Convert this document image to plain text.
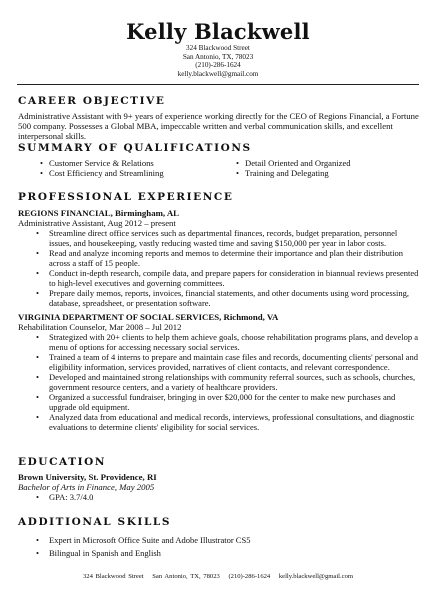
Kelly Blackwell
324 Blackwood Street
San Antonio, TX, 78023
(210)-286-1624
kelly.blackwell@gmail.com
CAREER OBJECTIVE

Administrative Assistant with 9+ years of experience working directly for the CEO of Regions Financial, a Fortune 500 company. Possesses a Global MBA, impeccable written and verbal communication skills, and excellent interpersonal skills.

SUMMARY OF QUALIFICATIONS
• Customer Service & Relations
• Cost Efficiency and Streamlining
• Detail Oriented and Organized
• Training and Delegating
PROFESSIONAL EXPERIENCE
REGIONS FINANCIAL, Birmingham, AL
Administrative Assistant, Aug 2012 – present
• Streamline direct office services such as departmental finances, records, budget preparation, personnel issues, and housekeeping, vastly reducing wasted time and saving $150,000 per year in labor costs.
• Read and analyze incoming reports and memos to determine their importance and plan their distribution across a staff of 15 people.
• Conduct in-depth research, compile data, and prepare papers for consideration in biannual reviews presented to high-level executives and governing committees.
• Prepare daily memos, reports, invoices, financial statements, and other documents using word processing, database, spreadsheet, or presentation software.
VIRGINIA DEPARTMENT OF SOCIAL SERVICES, Richmond, VA
Rehabilitation Counselor, Mar 2008 – Jul 2012
• Strategized with 20+ clients to help them achieve goals, choose rehabilitation programs plans, and develop a menu of options for accessing necessary social services.
• Trained a team of 4 interns to prepare and maintain case files and records, documenting clients' personal and eligibility information, services provided, narratives of client contacts, and relevant correspondence.
• Developed and maintained strong relationships with community referral sources, such as schools, churches, government resource centers, and a variety of healthcare providers.
• Organized a successful fundraiser, bringing in over $20,000 for the center to make new purchases and upgrade old equipment.
• Analyzed data from educational and medical records, interviews, professional consultations, and diagnostic evaluations to determine clients' eligibility for social services.
EDUCATION
Brown University, St. Providence, RI
Bachelor of Arts in Finance, May 2005
• GPA: 3.7/4.0
ADDITIONAL SKILLS
• Expert in Microsoft Office Suite and Adobe Illustrator CS5
• Bilingual in Spanish and English
324 Blackwood Street San Antonio, TX, 78023 (210)-286-1624 kelly.blackwell@gmail.com
